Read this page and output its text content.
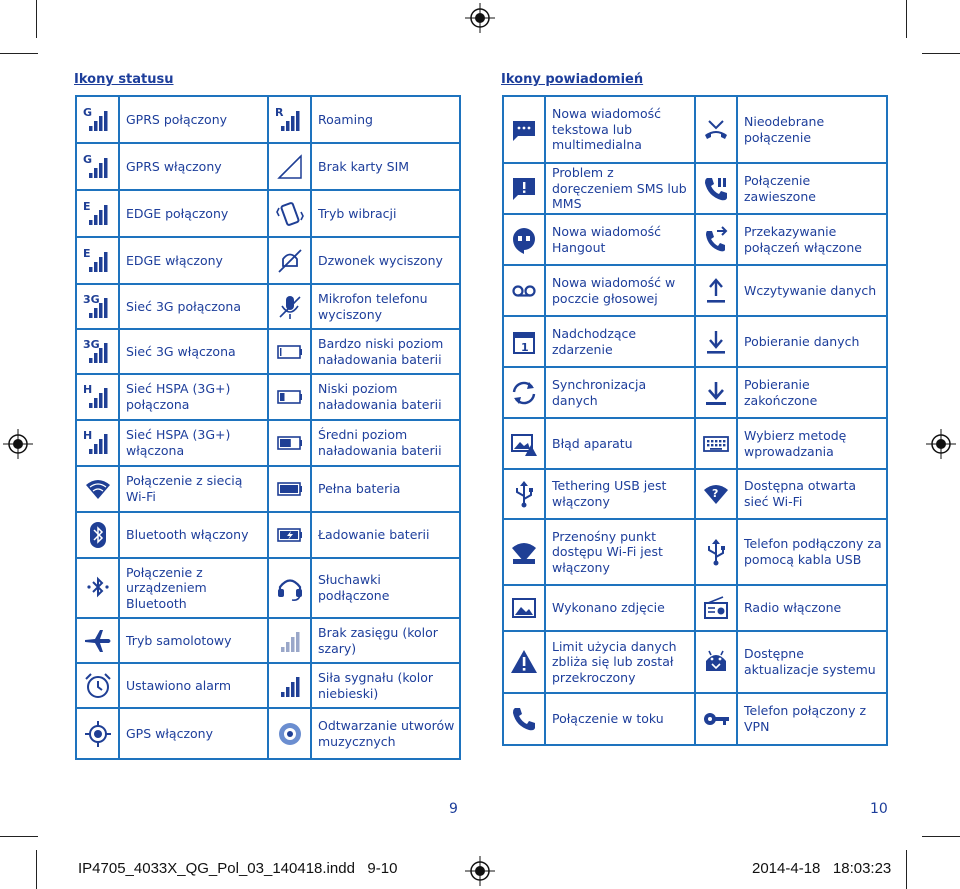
Ikony statusu	Ikony powiadomień
G	GPRS połączony	R	Roaming

G	GPRS włączony		Brak karty SIM

E	EDGE połączony		Tryb wibracji

E	EDGE włączony		Dzwonek wyciszony

3G	Sieć 3G połączona		Mikrofon telefonu wyciszony

3G	Sieć 3G włączona		Bardzo niski poziom naładowania baterii

H	Sieć HSPA (3G+) połączona		Niski poziom naładowania baterii

H	Sieć HSPA (3G+) włączona		Średni poziom naładowania baterii

	Połączenie z siecią Wi-Fi		Pełna bateria

	Bluetooth włączony		Ładowanie baterii

	Połączenie z urządzeniem Bluetooth		Słuchawki podłączone

	Tryb samolotowy		Brak zasięgu (kolor szary)

	Ustawiono alarm		Siła sygnału (kolor niebieski)

	GPS włączony		Odtwarzanie utworów muzycznych
	Nowa wiadomość tekstowa lub multimedialna		Nieodebrane połączenie

	Problem z doręczeniem SMS lub MMS		Połączenie zawieszone

	Nowa wiadomość Hangout		Przekazywanie połączeń włączone

	Nowa wiadomość w poczcie głosowej		Wczytywanie danych

1	Nadchodzące zdarzenie		Pobieranie danych

	Synchronizacja danych		Pobieranie zakończone

	Błąd aparatu		Wybierz metodę wprowadzania

	Tethering USB jest włączony	?	Dostępna otwarta sieć Wi-Fi

	Przenośny punkt dostępu Wi-Fi jest włączony		Telefon podłączony za pomocą kabla USB

	Wykonano zdjęcie		Radio włączone

	Limit użycia danych zbliża się lub został przekroczony		Dostępne aktualizacje systemu

	Połączenie w toku		Telefon połączony z VPN

9	10

IP4705_4033X_QG_Pol_03_140418.indd   9-10	2014-4-18   18:03:23
